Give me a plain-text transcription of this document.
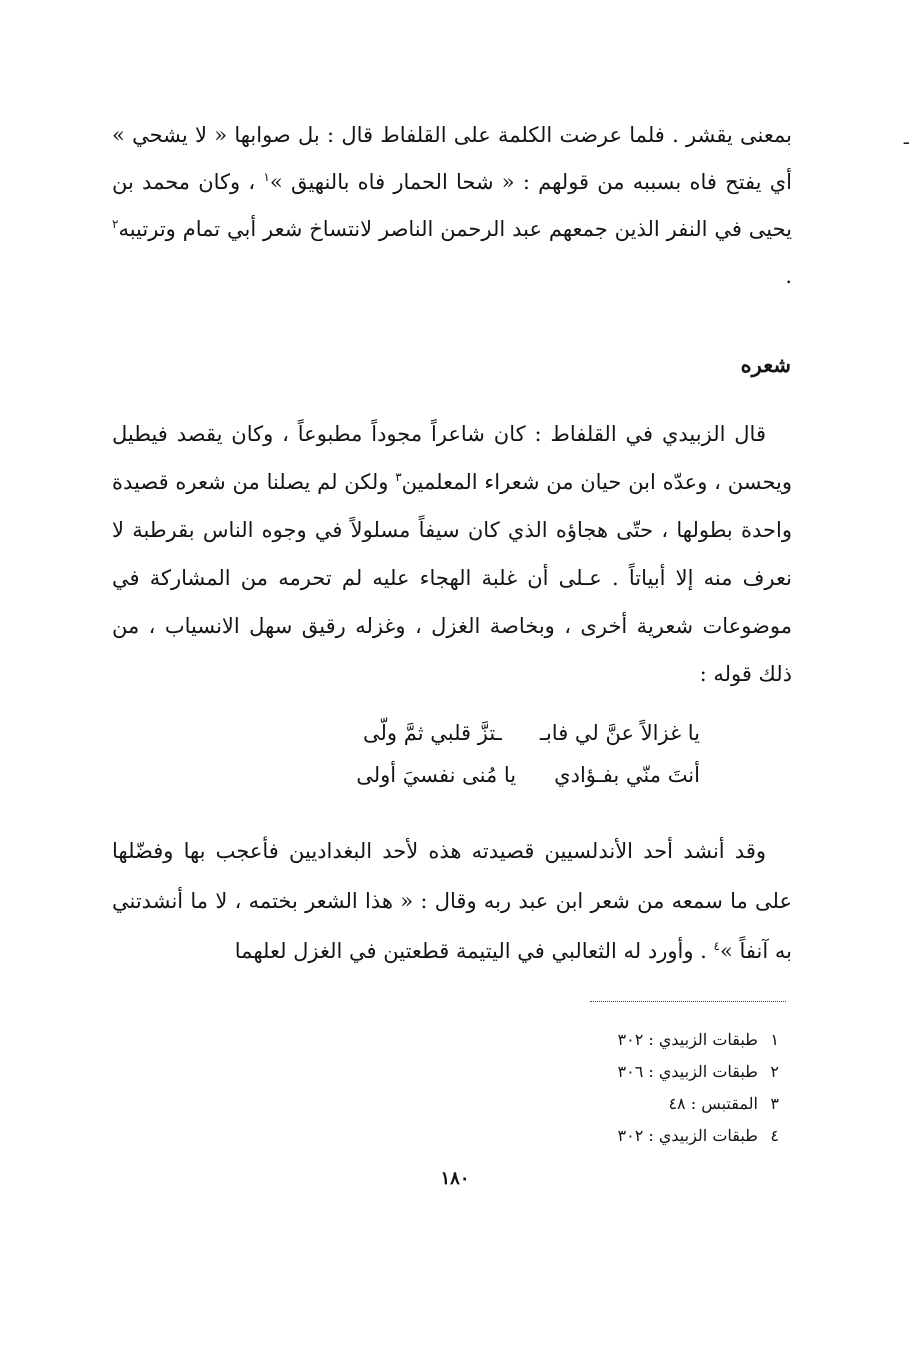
ـ
بمعنى يقشر . فلما عرضت الكلمة على القلفاط قال : بل صوابها « لا يشحي » أي يفتح فاه بسببه من قولهم : « شحا الحمار فاه بالنهيق »$^١$ ، وكان محمد بن يحيى في النفر الذين جمعهم عبد الرحمن الناصر لانتساخ شعر أبي تمام وترتيبه$^٢$ .
شعره
قال الزبيدي في القلفاط : كان شاعراً مجوداً مطبوعاً ، وكان يقصد فيطيل ويحسن ، وعدّه ابن حيان من شعراء المعلمين$^٣$ ولكن لم يصلنا من شعره قصيدة واحدة بطولها ، حتّى هجاؤه الذي كان سيفاً مسلولاً في وجوه الناس بقرطبة لا نعرف منه إلا أبياتاً . عـلى أن غلبة الهجاء عليه لم تحرمه من المشاركة في موضوعات شعرية أخرى ، وبخاصة الغزل ، وغزله رقيق سهل الانسياب ، من ذلك قوله :
يا غزالاً عنَّ لي فابـ
ـتزَّ قلبي ثمَّ ولّى
أنتَ منّي بفـؤادي
يا مُنى نفسيَ أولى
وقد أنشد أحد الأندلسيين قصيدته هذه لأحد البغداديين فأعجب بها وفضّلها على ما سمعه من شعر ابن عبد ربه وقال : « هذا الشعر بختمه ، لا ما أنشدتني به آنفاً »$^٤$ . وأورد له الثعالبي في اليتيمة قطعتين في الغزل لعلهما
١ طبقات الزبيدي : ٣٠٢
٢ طبقات الزبيدي : ٣٠٦
٣ المقتبس : ٤٨
٤ طبقات الزبيدي : ٣٠٢
١٨٠
